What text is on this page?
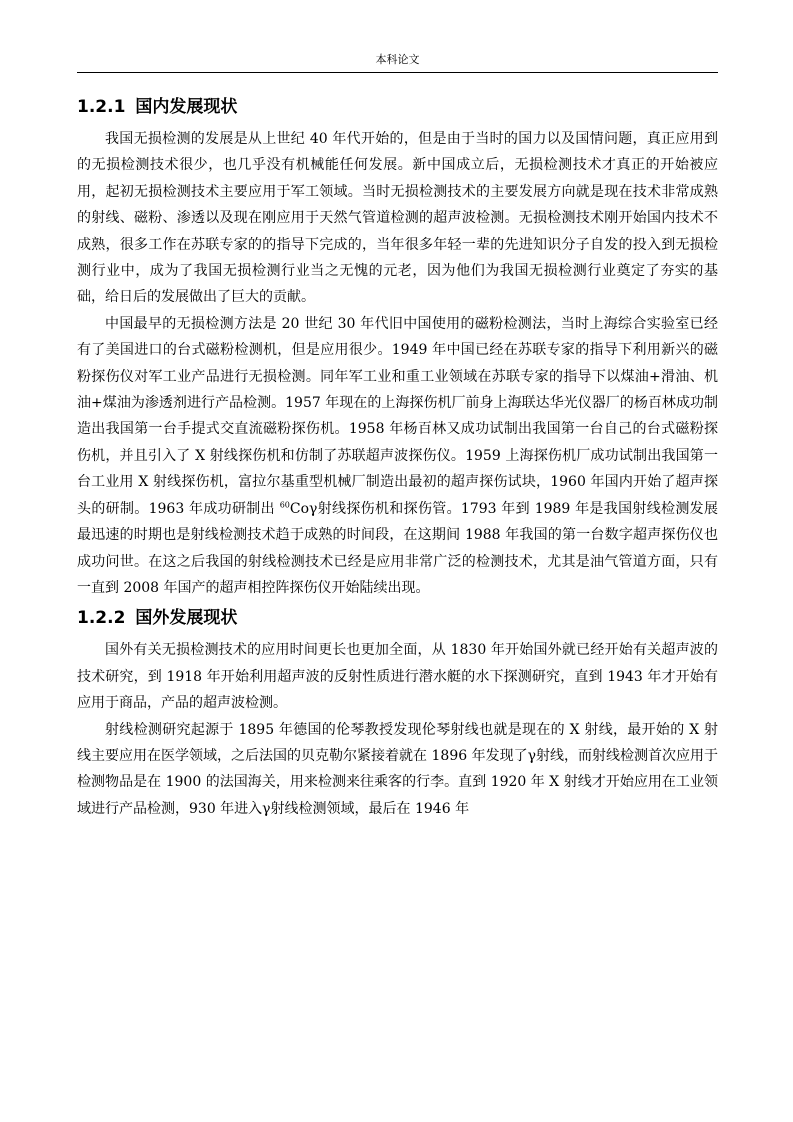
本科论文
1.2.1 国内发展现状

我国无损检测的发展是从上世纪 40 年代开始的，但是由于当时的国力以及国情问题，真正应用到的无损检测技术很少，也几乎没有机械能任何发展。新中国成立后，无损检测技术才真正的开始被应用，起初无损检测技术主要应用于军工领域。当时无损检测技术的主要发展方向就是现在技术非常成熟的射线、磁粉、渗透以及现在刚应用于天然气管道检测的超声波检测。无损检测技术刚开始国内技术不成熟，很多工作在苏联专家的的指导下完成的，当年很多年轻一辈的先进知识分子自发的投入到无损检测行业中，成为了我国无损检测行业当之无愧的元老，因为他们为我国无损检测行业奠定了夯实的基础，给日后的发展做出了巨大的贡献。

中国最早的无损检测方法是 20 世纪 30 年代旧中国使用的磁粉检测法，当时上海综合实验室已经有了美国进口的台式磁粉检测机，但是应用很少。1949 年中国已经在苏联专家的指导下利用新兴的磁粉探伤仪对军工业产品进行无损检测。同年军工业和重工业领域在苏联专家的指导下以煤油+滑油、机油+煤油为渗透剂进行产品检测。1957 年现在的上海探伤机厂前身上海联达华光仪器厂的杨百林成功制造出我国第一台手提式交直流磁粉探伤机。1958 年杨百林又成功试制出我国第一台自己的台式磁粉探伤机，并且引入了 X 射线探伤机和仿制了苏联超声波探伤仪。1959 上海探伤机厂成功试制出我国第一台工业用 X 射线探伤机，富拉尔基重型机械厂制造出最初的超声探伤试块，1960 年国内开始了超声探头的研制。1963 年成功研制出 $^{60}$Coγ射线探伤机和探伤管。1793 年到 1989 年是我国射线检测发展最迅速的时期也是射线检测技术趋于成熟的时间段，在这期间 1988 年我国的第一台数字超声探伤仪也成功问世。在这之后我国的射线检测技术已经是应用非常广泛的检测技术，尤其是油气管道方面，只有一直到 2008 年国产的超声相控阵探伤仪开始陆续出现。

1.2.2 国外发展现状

国外有关无损检测技术的应用时间更长也更加全面，从 1830 年开始国外就已经开始有关超声波的技术研究，到 1918 年开始利用超声波的反射性质进行潜水艇的水下探测研究，直到 1943 年才开始有应用于商品，产品的超声波检测。

射线检测研究起源于 1895 年德国的伦琴教授发现伦琴射线也就是现在的 X 射线，最开始的 X 射线主要应用在医学领域，之后法国的贝克勒尔紧接着就在 1896 年发现了γ射线，而射线检测首次应用于检测物品是在 1900 的法国海关，用来检测来往乘客的行李。直到 1920 年 X 射线才开始应用在工业领域进行产品检测，930 年进入γ射线检测领域，最后在 1946 年
